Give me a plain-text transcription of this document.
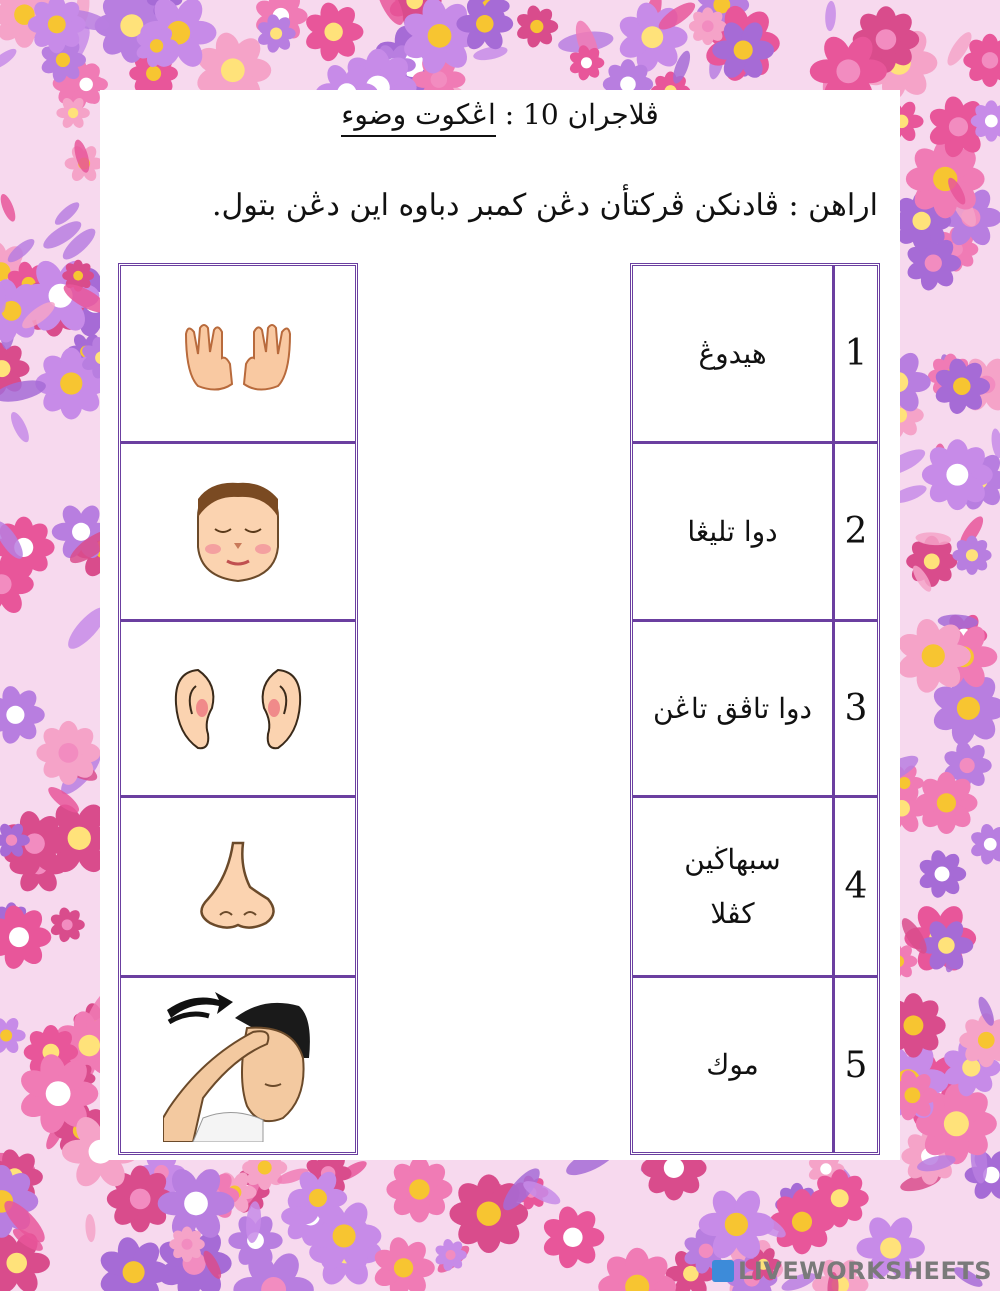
ڤلاجران 10 : اڠكوت وضوء
اراهن : ڤادنکن ڤرکتأن دڠن کمبر دباوه اين دڠن بتول.
1
هيدوڠ
2
دوا تليڠا
3
دوا تاڤق تاڠن
4
سبهاڬين كڤلا
5
موك
LIVEWORKSHEETS
